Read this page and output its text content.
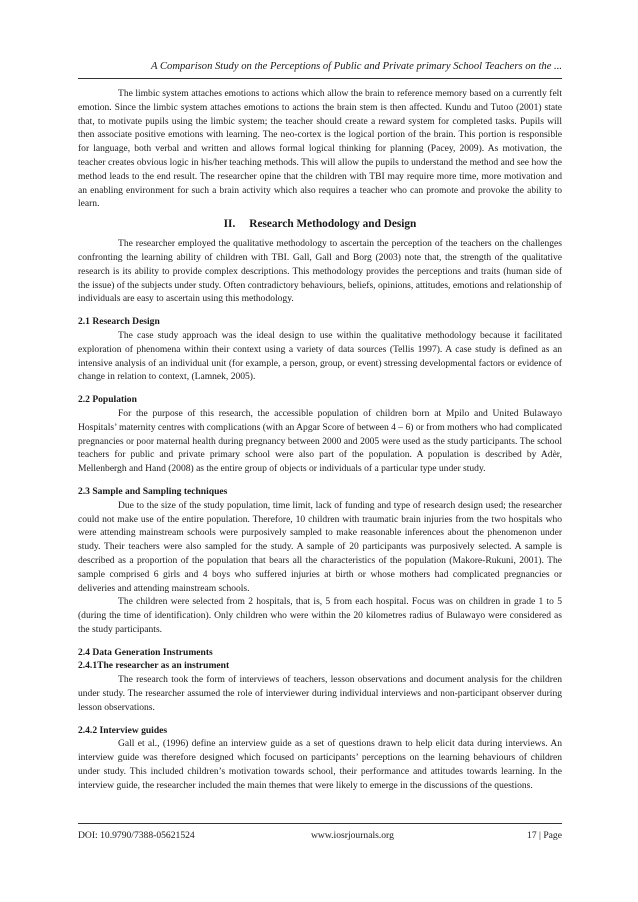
A Comparison Study on the Perceptions of Public and Private primary School Teachers on the ...

The limbic system attaches emotions to actions which allow the brain to reference memory based on a currently felt emotion. Since the limbic system attaches emotions to actions the brain stem is then affected. Kundu and Tutoo (2001) state that, to motivate pupils using the limbic system; the teacher should create a reward system for completed tasks. Pupils will then associate positive emotions with learning. The neo-cortex is the logical portion of the brain. This portion is responsible for language, both verbal and written and allows formal logical thinking for planning (Pacey, 2009). As motivation, the teacher creates obvious logic in his/her teaching methods. This will allow the pupils to understand the method and see how the method leads to the end result. The researcher opine that the children with TBI may require more time, more motivation and an enabling environment for such a brain activity which also requires a teacher who can promote and provoke the ability to learn.

II. Research Methodology and Design

The researcher employed the qualitative methodology to ascertain the perception of the teachers on the challenges confronting the learning ability of children with TBI. Gall, Gall and Borg (2003) note that, the strength of the qualitative research is its ability to provide complex descriptions. This methodology provides the perceptions and traits (human side of the issue) of the subjects under study. Often contradictory behaviours, beliefs, opinions, attitudes, emotions and relationship of individuals are easy to ascertain using this methodology.

2.1 Research Design

The case study approach was the ideal design to use within the qualitative methodology because it facilitated exploration of phenomena within their context using a variety of data sources (Tellis 1997). A case study is defined as an intensive analysis of an individual unit (for example, a person, group, or event) stressing developmental factors or evidence of change in relation to context, (Lamnek, 2005).

2.2 Population

For the purpose of this research, the accessible population of children born at Mpilo and United Bulawayo Hospitals’ maternity centres with complications (with an Apgar Score of between 4 – 6) or from mothers who had complicated pregnancies or poor maternal health during pregnancy between 2000 and 2005 were used as the study participants. The school teachers for public and private primary school were also part of the population. A population is described by Adèr, Mellenbergh and Hand (2008) as the entire group of objects or individuals of a particular type under study.

2.3 Sample and Sampling techniques

Due to the size of the study population, time limit, lack of funding and type of research design used; the researcher could not make use of the entire population. Therefore, 10 children with traumatic brain injuries from the two hospitals who were attending mainstream schools were purposively sampled to make reasonable inferences about the phenomenon under study. Their teachers were also sampled for the study. A sample of 20 participants was purposively selected. A sample is described as a proportion of the population that bears all the characteristics of the population (Makore-Rukuni, 2001). The sample comprised 6 girls and 4 boys who suffered injuries at birth or whose mothers had complicated pregnancies or deliveries and attending mainstream schools.

The children were selected from 2 hospitals, that is, 5 from each hospital. Focus was on children in grade 1 to 5 (during the time of identification). Only children who were within the 20 kilometres radius of Bulawayo were considered as the study participants.

2.4 Data Generation Instruments

2.4.1The researcher as an instrument

The research took the form of interviews of teachers, lesson observations and document analysis for the children under study. The researcher assumed the role of interviewer during individual interviews and non-participant observer during lesson observations.

2.4.2 Interview guides

Gall et al., (1996) define an interview guide as a set of questions drawn to help elicit data during interviews. An interview guide was therefore designed which focused on participants’ perceptions on the learning behaviours of children under study. This included children’s motivation towards school, their performance and attitudes towards learning. In the interview guide, the researcher included the main themes that were likely to emerge in the discussions of the questions.

DOI: 10.9790/7388-05621524	www.iosrjournals.org	17 | Page
